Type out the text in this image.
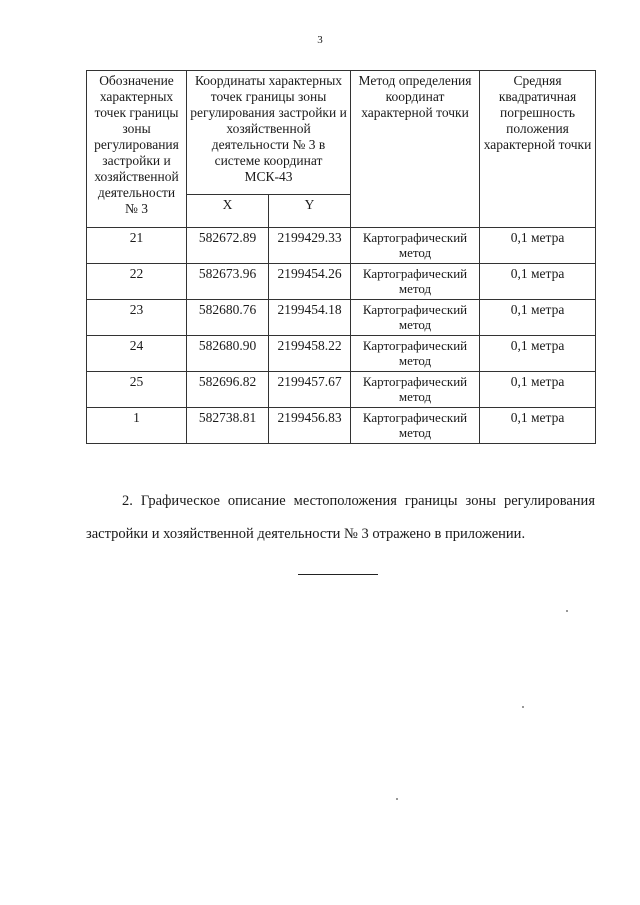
3
Обозначение характерных точек границы зоны регулирования застройки и хозяйственной деятельности № 3	Координаты характерных точек границы зоны регулирования застройки и хозяйственной деятельности № 3 в системе координат МСК-43		Метод определения координат характерной точки	Средняя квадратичная погрешность положения характерной точки
	X	Y		
21	582672.89	2199429.33	Картографический метод	0,1 метра
22	582673.96	2199454.26	Картографический метод	0,1 метра
23	582680.76	2199454.18	Картографический метод	0,1 метра
24	582680.90	2199458.22	Картографический метод	0,1 метра
25	582696.82	2199457.67	Картографический метод	0,1 метра
1	582738.81	2199456.83	Картографический метод	0,1 метра

2. Графическое описание местоположения границы зоны регулирования застройки и хозяйственной деятельности № 3 отражено в приложении.
